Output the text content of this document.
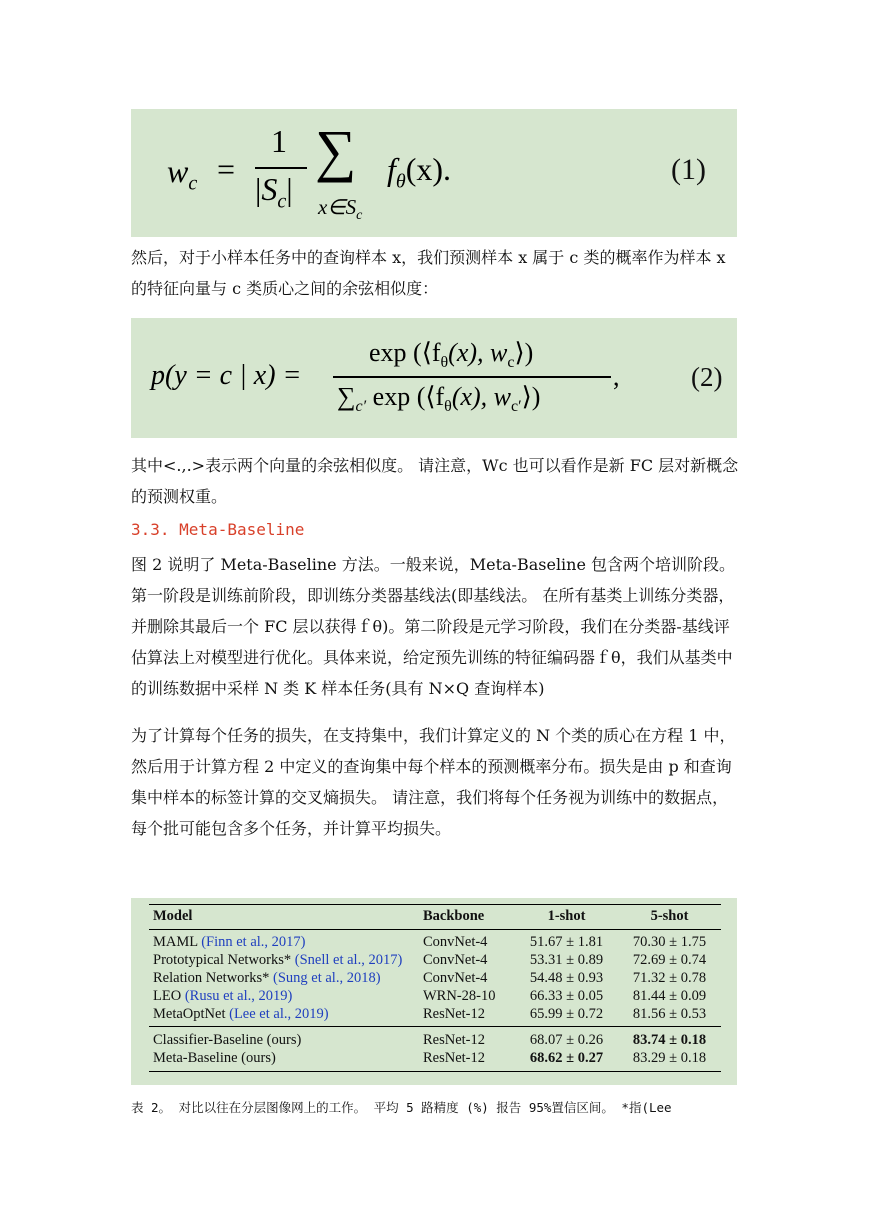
$w_c$ =
1
$|S_c|$
∑
$x\in S_c$
$f_\theta(x)$.	(1)

然后，对于小样本任务中的查询样本 x，我们预测样本 x 属于 c 类的概率作为样本 x 的特征向量与 c 类质心之间的余弦相似度：

p(y = c | x) =
$\exp (⟨f_\theta(x)$, $w_c⟩$)
$\sum_{c'}$ $\exp (⟨f_\theta(x)$, $w_{c'}⟩$)
,	(2)

其中<.,.>表示两个向量的余弦相似度。 请注意，Wc 也可以看作是新 FC 层对新概念的预测权重。

3.3. Meta-Baseline

图 2 说明了 Meta-Baseline 方法。一般来说，Meta-Baseline 包含两个培训阶段。第一阶段是训练前阶段，即训练分类器基线法(即基线法。 在所有基类上训练分类器，并删除其最后一个 FC 层以获得ｆθ)。第二阶段是元学习阶段，我们在分类器-基线评估算法上对模型进行优化。具体来说，给定预先训练的特征编码器ｆθ，我们从基类中的训练数据中采样 N 类 K 样本任务(具有 N×Q 查询样本)

为了计算每个任务的损失，在支持集中，我们计算定义的 N 个类的质心在方程 1 中，然后用于计算方程 2 中定义的查询集中每个样本的预测概率分布。损失是由 p 和查询集中样本的标签计算的交叉熵损失。 请注意，我们将每个任务视为训练中的数据点，每个批可能包含多个任务，并计算平均损失。

Model	Backbone	1-shot	5-shot
MAML (Finn et al., 2017)	ConvNet-4	51.67 ± 1.81	70.30 ± 1.75
Prototypical Networks* (Snell et al., 2017)	ConvNet-4	53.31 ± 0.89	72.69 ± 0.74
Relation Networks* (Sung et al., 2018)	ConvNet-4	54.48 ± 0.93	71.32 ± 0.78
LEO (Rusu et al., 2019)	WRN-28-10	66.33 ± 0.05	81.44 ± 0.09
MetaOptNet (Lee et al., 2019)	ResNet-12	65.99 ± 0.72	81.56 ± 0.53
Classifier-Baseline (ours)	ResNet-12	68.07 ± 0.26	83.74 ± 0.18
Meta-Baseline (ours)	ResNet-12	68.62 ± 0.27	83.29 ± 0.18
表 2。 对比以往在分层图像网上的工作。 平均 5 路精度 (%) 报告 95%置信区间。 *指(Lee
